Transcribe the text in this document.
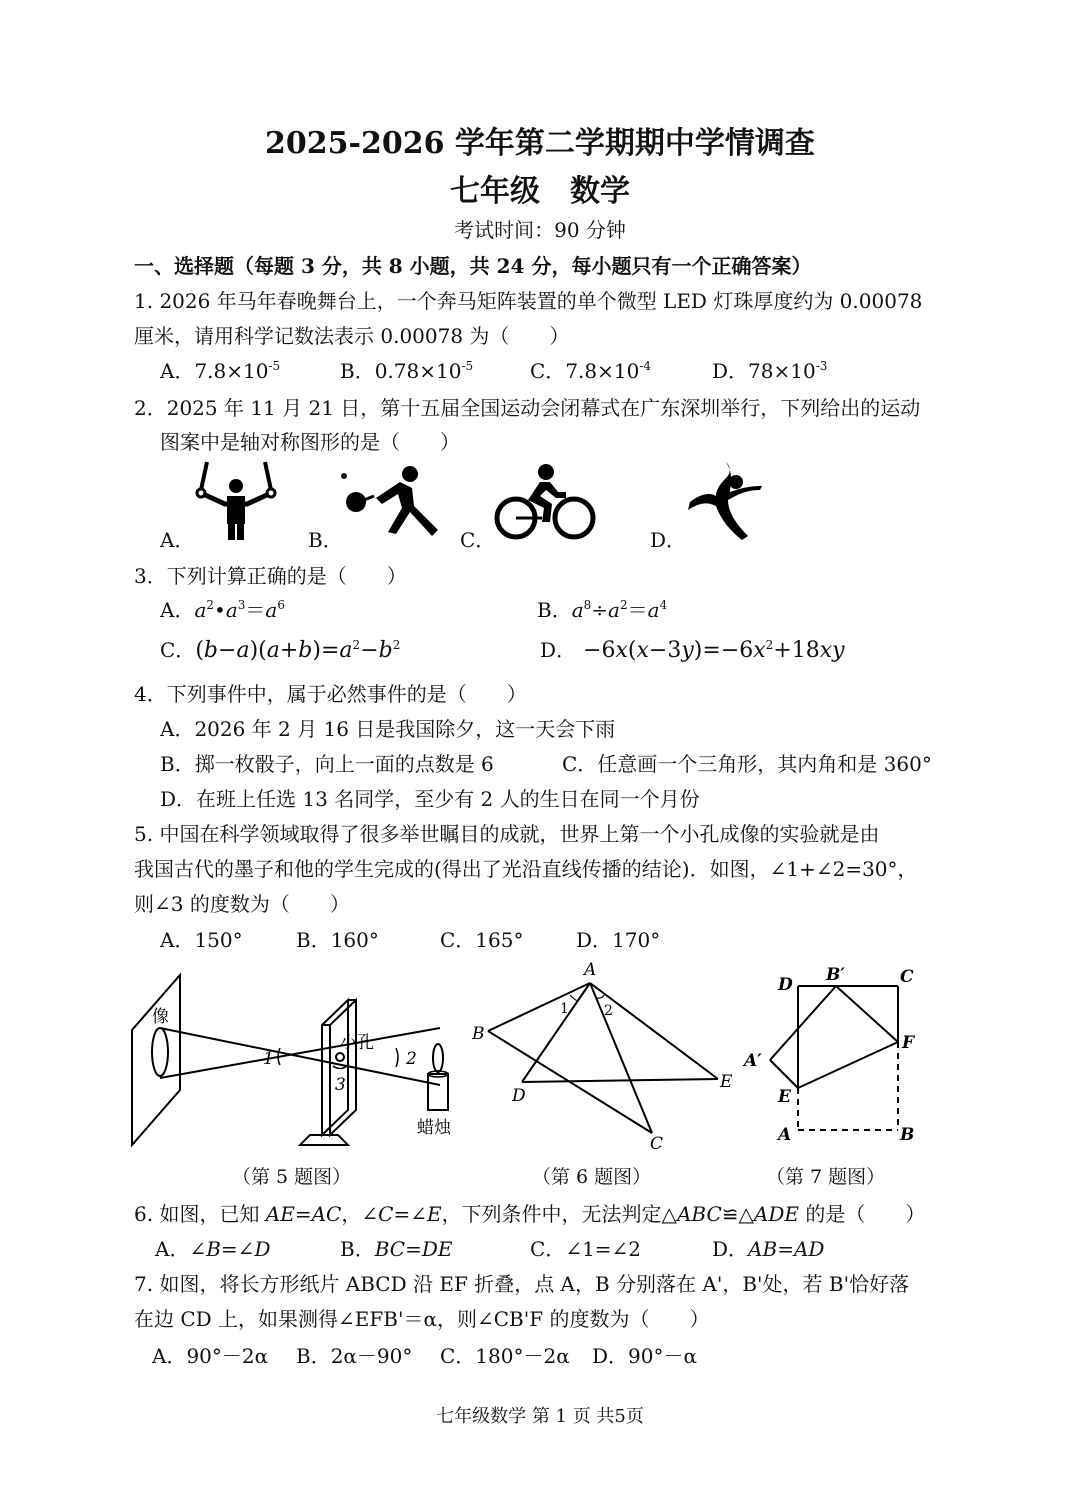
2025-2026 学年第二学期期中学情调查
七年级　数学
考试时间：90 分钟
一、选择题（每题 3 分，共 8 小题，共 24 分，每小题只有一个正确答案）
1. 2026 年马年春晚舞台上，一个奔马矩阵装置的单个微型 LED 灯珠厚度约为 0.00078
厘米，请用科学记数法表示 0.00078 为（　　）
A．$7.8\times 10^{-5}$	B．$0.78\times 10^{-5}$	C．$7.8\times 10^{-4}$	D．$78\times 10^{-3}$
2．2025 年 11 月 21 日，第十五届全国运动会闭幕式在广东深圳举行，下列给出的运动
图案中是轴对称图形的是（　　）
A．	B．	C．	D．
3．下列计算正确的是（　　）
A．$a^2•a^3=a^6$	B．$a^8\div a^2=a^4$
C．$(b-a)(a+b)=a^2-b^2$	D． $-6x(x-3y)=-6x^2+18xy$
4．下列事件中，属于必然事件的是（　　）
A．2026 年 2 月 16 日是我国除夕，这一天会下雨
B．掷一枚骰子，向上一面的点数是 6	C．任意画一个三角形，其内角和是 360°
D．在班上任选 13 名同学，至少有 2 人的生日在同一个月份
5. 中国在科学领域取得了很多举世瞩目的成就，世界上第一个小孔成像的实验就是由
我国古代的墨子和他的学生完成的(得出了光沿直线传播的结论)．如图，∠1+∠2=30°，
则∠3 的度数为（　　）
A．150°	B．160°	C．165°	D．170°
像
小孔
蜡烛
1	2
3
（第 5 题图）
A
B
C
D
E
1	2
（第 6 题图）
D B′	C
F
A′
E
A	B
（第 7 题图）
6. 如图，已知 AE=AC，∠C=∠E，下列条件中，无法判定△ABC≌△ADE 的是（　　）
A．∠B=∠D	B．BC=DE	C．∠1=∠2	D．AB=AD
7. 如图，将长方形纸片 ABCD 沿 EF 折叠，点 A，B 分别落在 A'，B'处，若 B'恰好落
在边 CD 上，如果测得∠EFB'＝α，则∠CB'F 的度数为（　　）
A．90°－2α B．2α－90° C．180°－2α D．90°－α
七年级数学 第 1 页 共5页
